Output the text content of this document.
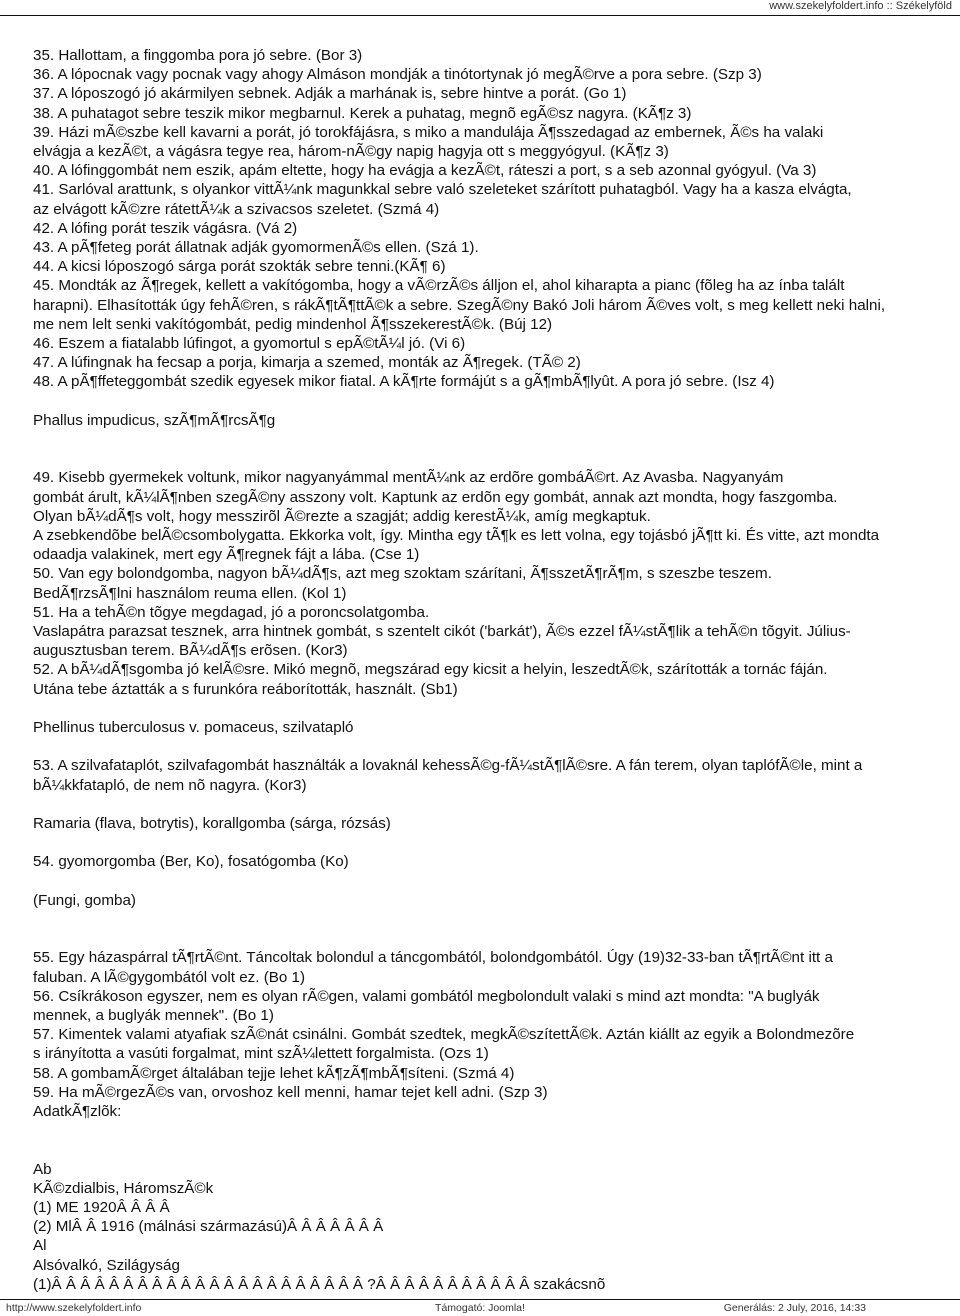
www.szekelyfoldert.info :: Székelyföld
35. Hallottam, a finggomba pora jó sebre. (Bor 3)
36. A lópocnak vagy pocnak vagy ahogy Almáson mondják a tinótortynak jó megÃ©rve a pora sebre. (Szp 3)
37. A lóposzogó jó akármilyen sebnek. Adják a marhának is, sebre hintve a porát. (Go 1)
38. A puhatagot sebre teszik mikor megbarnul. Kerek a puhatag, megnõ egÃ©sz nagyra. (KÃ¶z 3)
39. Házi mÃ©szbe kell kavarni a porát, jó torokfájásra, s miko a mandulája Ã¶sszedagad az embernek, Ã©s ha valaki
elvágja a kezÃ©t, a vágásra tegye rea, három-nÃ©gy napig hagyja ott s meggyógyul. (KÃ¶z 3)
40. A lófinggombát nem eszik, apám eltette, hogy ha evágja a kezÃ©t, ráteszi a port, s a seb azonnal gyógyul. (Va 3)
41. Sarlóval arattunk, s olyankor vittÃ¼nk magunkkal sebre való szeleteket szárított puhatagból. Vagy ha a kasza elvágta,
az elvágott kÃ©zre rátettÃ¼k a szivacsos szeletet. (Szmá 4)
42. A lófing porát teszik vágásra. (Vá 2)
43. A pÃ¶feteg porát állatnak adják gyomormenÃ©s ellen. (Szá 1).
44. A kicsi lóposzogó sárga porát szokták sebre tenni.(KÃ¶ 6)
45. Mondták az Ã¶regek, kellett a vakítógomba, hogy a vÃ©rzÃ©s álljon el, ahol kiharapta a pianc (fõleg ha az ínba talált
harapni). Elhasították úgy fehÃ©ren, s rákÃ¶tÃ¶ttÃ©k a sebre. SzegÃ©ny Bakó Joli három Ã©ves volt, s meg kellett neki halni,
me nem lelt senki vakítógombát, pedig mindenhol Ã¶sszekerestÃ©k. (Búj 12)
46. Eszem a fiatalabb lúfingot, a gyomortul s epÃ©tÃ¼l jó. (Vi 6)
47. A lúfingnak ha fecsap a porja, kimarja a szemed, monták az Ã¶regek. (TÃ© 2)
48. A pÃ¶ffeteggombát szedik egyesek mikor fiatal. A kÃ¶rte formájút s a gÃ¶mbÃ¶lyût. A pora jó sebre. (Isz 4)
Phallus impudicus, szÃ¶mÃ¶rcsÃ¶g
49. Kisebb gyermekek voltunk, mikor nagyanyámmal mentÃ¼nk az erdõre gombáÃ©rt. Az Avasba. Nagyanyám
gombát árult, kÃ¼lÃ¶nben szegÃ©ny asszony volt. Kaptunk az erdõn egy gombát, annak azt mondta, hogy faszgomba.
Olyan bÃ¼dÃ¶s volt, hogy messzirõl Ã©rezte a szagját; addig kerestÃ¼k, amíg megkaptuk.
A zsebkendõbe belÃ©csombolygatta. Ekkorka volt, így. Mintha egy tÃ¶k es lett volna, egy tojásbó jÃ¶tt ki. És vitte, azt mondta
odaadja valakinek, mert egy Ã¶regnek fájt a lába. (Cse 1)
50. Van egy bolondgomba, nagyon bÃ¼dÃ¶s, azt meg szoktam szárítani, Ã¶sszetÃ¶rÃ¶m, s szeszbe teszem.
BedÃ¶rzsÃ¶lni használom reuma ellen. (Kol 1)
51. Ha a tehÃ©n tõgye megdagad, jó a poroncsolatgomba.
Vaslapátra parazsat tesznek, arra hintnek gombát, s szentelt cikót ('barkát'), Ã©s ezzel fÃ¼stÃ¶lik a tehÃ©n tõgyit. Július-
augusztusban terem. BÃ¼dÃ¶s erõsen. (Kor3)
52. A bÃ¼dÃ¶sgomba jó kelÃ©sre. Mikó megnõ, megszárad egy kicsit a helyin, leszedtÃ©k, szárították a tornác fáján.
Utána tebe áztatták a s furunkóra reáborították, használt. (Sb1)
Phellinus tuberculosus v. pomaceus, szilvatapló
53. A szilvafataplót, szilvafagombát használták a lovaknál kehessÃ©g-fÃ¼stÃ¶lÃ©sre. A fán terem, olyan taplófÃ©le, mint a
bÃ¼kkfatapló, de nem nõ nagyra. (Kor3)
Ramaria (flava, botrytis), korallgomba (sárga, rózsás)
54. gyomorgomba (Ber, Ko), fosatógomba (Ko)
(Fungi, gomba)
55. Egy házaspárral tÃ¶rtÃ©nt. Táncoltak bolondul a táncgombától, bolondgombától. Úgy (19)32-33-ban tÃ¶rtÃ©nt itt a
faluban. A lÃ©gygombától volt ez. (Bo 1)
56. Csíkrákoson egyszer, nem es olyan rÃ©gen, valami gombától megbolondult valaki s mind azt mondta: "A buglyák
mennek, a buglyák mennek". (Bo 1)
57. Kimentek valami atyafiak szÃ©nát csinálni. Gombát szedtek, megkÃ©szítettÃ©k. Aztán kiállt az egyik a Bolondmezõre
s irányította a vasúti forgalmat, mint szÃ¼lettett forgalmista. (Ozs 1)
58. A gombamÃ©rget általában tejje lehet kÃ¶zÃ¶mbÃ¶síteni. (Szmá 4)
59. Ha mÃ©rgezÃ©s van, orvoshoz kell menni, hamar tejet kell adni. (Szp 3)
AdatkÃ¶zlõk:
Ab
KÃ©zdialbis, HáromszÃ©k
(1) ME 1920Â Â Â Â
(2) MlÂ Â 1916 (málnási származású)Â Â Â Â Â Â Â
Al
Alsóvalkó, Szilágyság
(1)Â Â Â Â Â Â Â Â Â Â Â Â Â Â Â Â Â Â Â Â Â Â ?Â Â Â Â Â Â Â Â Â Â Â szakácsnõ
http://www.szekelyfoldert.info	Támogató: Joomla!	Generálás: 2 July, 2016, 14:33
